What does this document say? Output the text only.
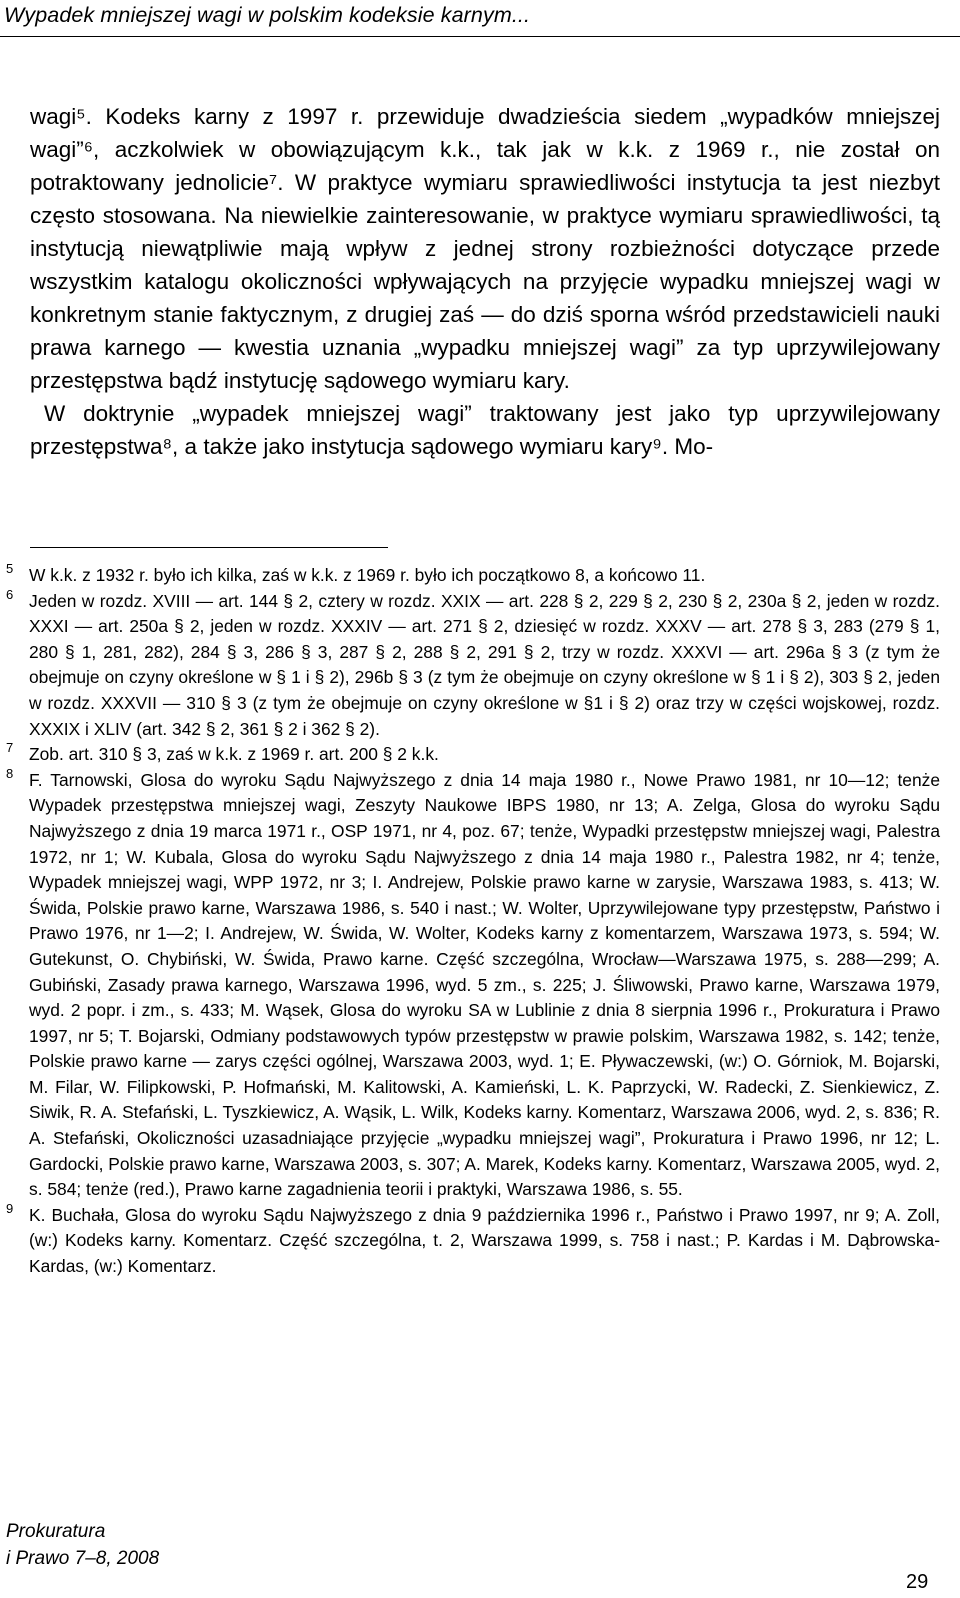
Wypadek mniejszej wagi w polskim kodeksie karnym...

wagi⁵. Kodeks karny z 1997 r. przewiduje dwadzieścia siedem „wypadków mniejszej wagi”⁶, aczkolwiek w obowiązującym k.k., tak jak w k.k. z 1969 r., nie został on potraktowany jednolicie⁷. W praktyce wymiaru sprawiedliwości instytucja ta jest niezbyt często stosowana. Na niewielkie zainteresowanie, w praktyce wymiaru sprawiedliwości, tą instytucją niewątpliwie mają wpływ z jednej strony rozbieżności dotyczące przede wszystkim katalogu okoliczności wpływających na przyjęcie wypadku mniejszej wagi w konkretnym stanie faktycznym, z drugiej zaś — do dziś sporna wśród przedstawicieli nauki prawa karnego — kwestia uznania „wypadku mniejszej wagi” za typ uprzywilejowany przestępstwa bądź instytucję sądowego wymiaru kary.

W doktrynie „wypadek mniejszej wagi” traktowany jest jako typ uprzywilejowany przestępstwa⁸, a także jako instytucja sądowego wymiaru kary⁹. Mo-

5 W k.k. z 1932 r. było ich kilka, zaś w k.k. z 1969 r. było ich początkowo 8, a końcowo 11.
6 Jeden w rozdz. XVIII — art. 144 § 2, cztery w rozdz. XXIX — art. 228 § 2, 229 § 2, 230 § 2, 230a § 2, jeden w rozdz. XXXI — art. 250a § 2, jeden w rozdz. XXXIV — art. 271 § 2, dziesięć w rozdz. XXXV — art. 278 § 3, 283 (279 § 1, 280 § 1, 281, 282), 284 § 3, 286 § 3, 287 § 2, 288 § 2, 291 § 2, trzy w rozdz. XXXVI — art. 296a § 3 (z tym że obejmuje on czyny określone w § 1 i § 2), 296b § 3 (z tym że obejmuje on czyny określone w § 1 i § 2), 303 § 2, jeden w rozdz. XXXVII — 310 § 3 (z tym że obejmuje on czyny określone w §1 i § 2) oraz trzy w części wojskowej, rozdz. XXXIX i XLIV (art. 342 § 2, 361 § 2 i 362 § 2).
7 Zob. art. 310 § 3, zaś w k.k. z 1969 r. art. 200 § 2 k.k.
8 F. Tarnowski, Glosa do wyroku Sądu Najwyższego z dnia 14 maja 1980 r., Nowe Prawo 1981, nr 10—12; tenże Wypadek przestępstwa mniejszej wagi, Zeszyty Naukowe IBPS 1980, nr 13; A. Zelga, Glosa do wyroku Sądu Najwyższego z dnia 19 marca 1971 r., OSP 1971, nr 4, poz. 67; tenże, Wypadki przestępstw mniejszej wagi, Palestra 1972, nr 1; W. Kubala, Glosa do wyroku Sądu Najwyższego z dnia 14 maja 1980 r., Palestra 1982, nr 4; tenże, Wypadek mniejszej wagi, WPP 1972, nr 3; I. Andrejew, Polskie prawo karne w zarysie, Warszawa 1983, s. 413; W. Świda, Polskie prawo karne, Warszawa 1986, s. 540 i nast.; W. Wolter, Uprzywilejowane typy przestępstw, Państwo i Prawo 1976, nr 1—2; I. Andrejew, W. Świda, W. Wolter, Kodeks karny z komentarzem, Warszawa 1973, s. 594; W. Gutekunst, O. Chybiński, W. Świda, Prawo karne. Część szczególna, Wrocław—Warszawa 1975, s. 288—299; A. Gubiński, Zasady prawa karnego, Warszawa 1996, wyd. 5 zm., s. 225; J. Śliwowski, Prawo karne, Warszawa 1979, wyd. 2 popr. i zm., s. 433; M. Wąsek, Glosa do wyroku SA w Lublinie z dnia 8 sierpnia 1996 r., Prokuratura i Prawo 1997, nr 5; T. Bojarski, Odmiany podstawowych typów przestępstw w prawie polskim, Warszawa 1982, s. 142; tenże, Polskie prawo karne — zarys części ogólnej, Warszawa 2003, wyd. 1; E. Pływaczewski, (w:) O. Górniok, M. Bojarski, M. Filar, W. Filipkowski, P. Hofmański, M. Kalitowski, A. Kamieński, L. K. Paprzycki, W. Radecki, Z. Sienkiewicz, Z. Siwik, R. A. Stefański, L. Tyszkiewicz, A. Wąsik, L. Wilk, Kodeks karny. Komentarz, Warszawa 2006, wyd. 2, s. 836; R. A. Stefański, Okoliczności uzasadniające przyjęcie „wypadku mniejszej wagi”, Prokuratura i Prawo 1996, nr 12; L. Gardocki, Polskie prawo karne, Warszawa 2003, s. 307; A. Marek, Kodeks karny. Komentarz, Warszawa 2005, wyd. 2, s. 584; tenże (red.), Prawo karne zagadnienia teorii i praktyki, Warszawa 1986, s. 55.
9 K. Buchała, Glosa do wyroku Sądu Najwyższego z dnia 9 października 1996 r., Państwo i Prawo 1997, nr 9; A. Zoll, (w:) Kodeks karny. Komentarz. Część szczególna, t. 2, Warszawa 1999, s. 758 i nast.; P. Kardas i M. Dąbrowska-Kardas, (w:) Komentarz.
Prokuratura
i Prawo 7–8, 2008
29
